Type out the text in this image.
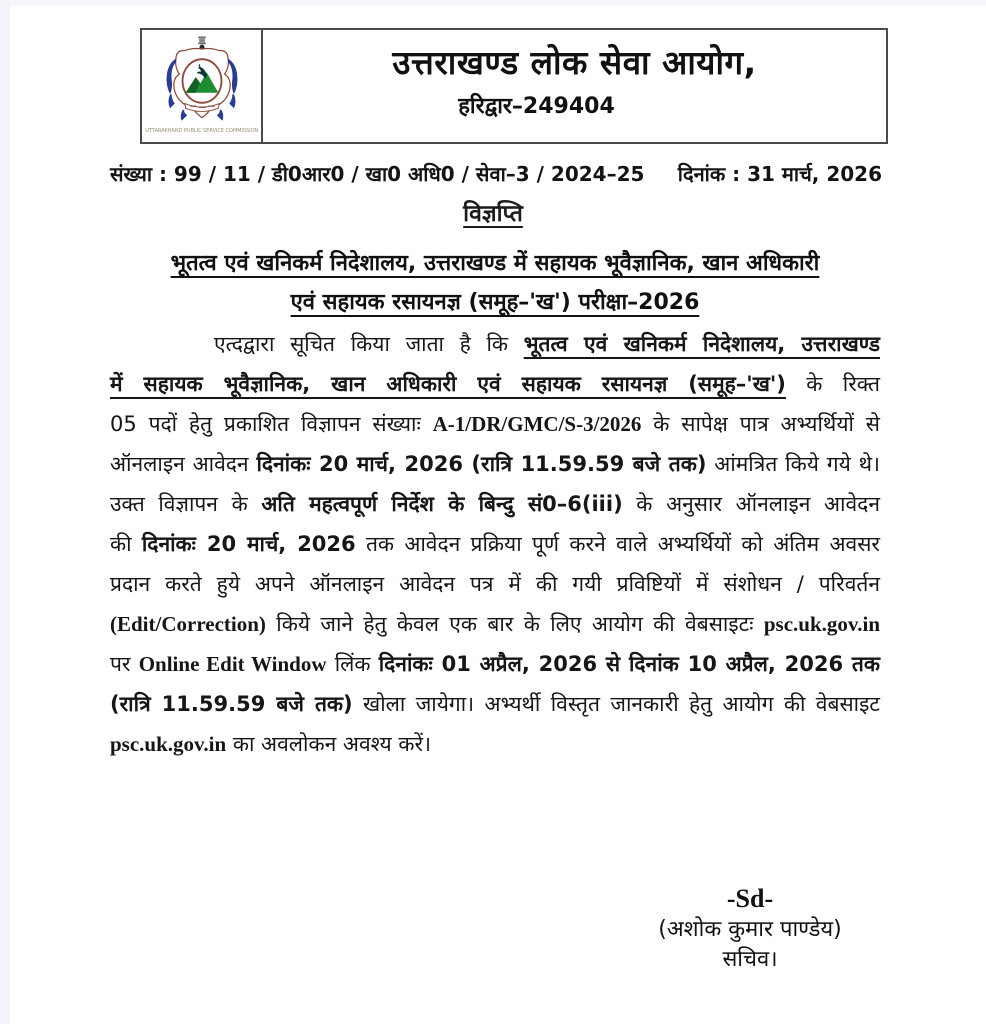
UTTARAKHAND PUBLIC SERVICE COMMISSION
उत्तराखण्ड लोक सेवा आयोग,
हरिद्वार–249404
संख्या : 99 / 11 / डी0आर0 / खा0 अधि0 / सेवा–3 / 2024–25 दिनांक : 31 मार्च, 2026
विज्ञप्ति
भूतत्व एवं खनिकर्म निदेशालय, उत्तराखण्ड में सहायक भूवैज्ञानिक, खान अधिकारी
एवं सहायक रसायनज्ञ (समूह–'ख') परीक्षा–2026
एत्दद्वारा सूचित किया जाता है कि भूतत्व एवं खनिकर्म निदेशालय, उत्तराखण्ड
में सहायक भूवैज्ञानिक, खान अधिकारी एवं सहायक रसायनज्ञ (समूह–'ख') के रिक्त
05 पदों हेतु प्रकाशित विज्ञापन संख्याः A-1/DR/GMC/S-3/2026 के सापेक्ष पात्र अभ्यर्थियों से
ऑनलाइन आवेदन दिनांकः 20 मार्च, 2026 (रात्रि 11.59.59 बजे तक) आंमत्रित किये गये थे।
उक्त विज्ञापन के अति महत्वपूर्ण निर्देश के बिन्दु सं0–6(iii) के अनुसार ऑनलाइन आवेदन
की दिनांकः 20 मार्च, 2026 तक आवेदन प्रक्रिया पूर्ण करने वाले अभ्यर्थियों को अंतिम अवसर
प्रदान करते हुये अपने ऑनलाइन आवेदन पत्र में की गयी प्रविष्टियों में संशोधन / परिवर्तन
(Edit/Correction) किये जाने हेतु केवल एक बार के लिए आयोग की वेबसाइटः psc.uk.gov.in
पर Online Edit Window लिंक दिनांकः 01 अप्रैल, 2026 से दिनांक 10 अप्रैल, 2026 तक
(रात्रि 11.59.59 बजे तक) खोला जायेगा। अभ्यर्थी विस्तृत जानकारी हेतु आयोग की वेबसाइट
psc.uk.gov.in का अवलोकन अवश्य करें।
-Sd-
(अशोक कुमार पाण्डेय)
सचिव।
